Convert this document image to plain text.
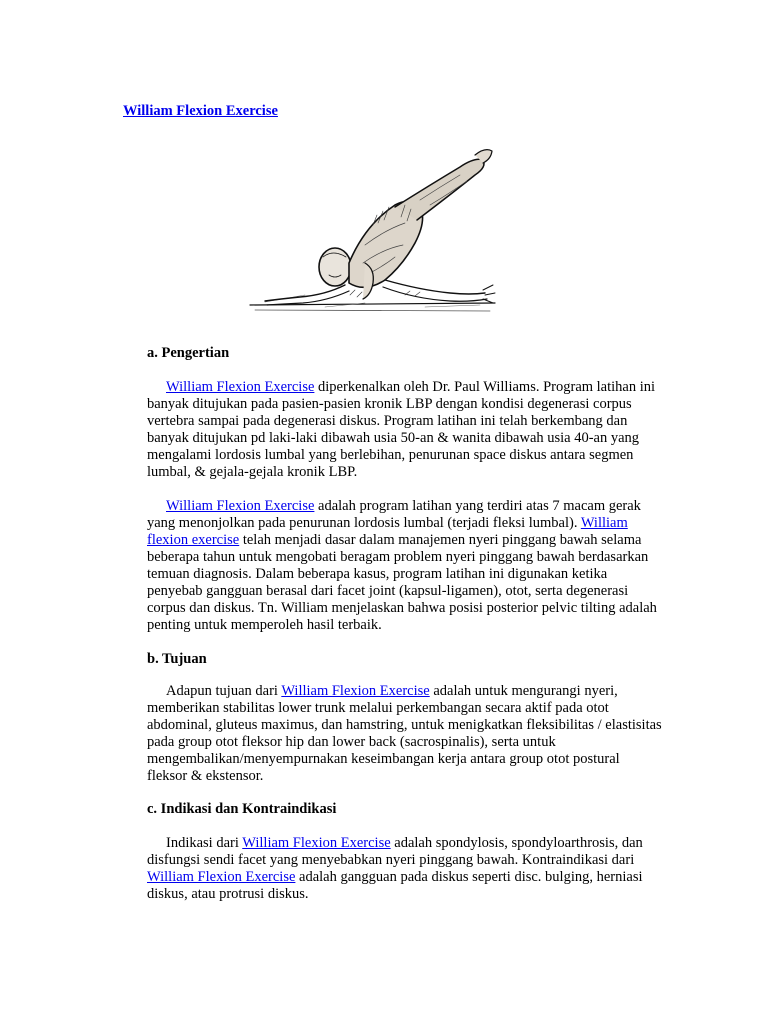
William Flexion Exercise

a. Pengertian

William Flexion Exercise diperkenalkan oleh Dr. Paul Williams. Program latihan ini banyak ditujukan pada pasien-pasien kronik LBP dengan kondisi degenerasi corpus vertebra sampai pada degenerasi diskus. Program latihan ini telah berkembang dan banyak ditujukan pd laki-laki dibawah usia 50-an & wanita dibawah usia 40-an yang mengalami lordosis lumbal yang berlebihan, penurunan space diskus antara segmen lumbal, & gejala-gejala kronik LBP.

William Flexion Exercise adalah program latihan yang terdiri atas 7 macam gerak yang menonjolkan pada penurunan lordosis lumbal (terjadi fleksi lumbal). William flexion exercise telah menjadi dasar dalam manajemen nyeri pinggang bawah selama beberapa tahun untuk mengobati beragam problem nyeri pinggang bawah berdasarkan temuan diagnosis. Dalam beberapa kasus, program latihan ini digunakan ketika penyebab gangguan berasal dari facet joint (kapsul-ligamen), otot, serta degenerasi corpus dan diskus. Tn. William menjelaskan bahwa posisi posterior pelvic tilting adalah penting untuk memperoleh hasil terbaik.

b. Tujuan

Adapun tujuan dari William Flexion Exercise adalah untuk mengurangi nyeri, memberikan stabilitas lower trunk melalui perkembangan secara aktif pada otot abdominal, gluteus maximus, dan hamstring, untuk menigkatkan fleksibilitas / elastisitas pada group otot fleksor hip dan lower back (sacrospinalis), serta untuk mengembalikan/menyempurnakan keseimbangan kerja antara group otot postural fleksor & ekstensor.

c. Indikasi dan Kontraindikasi

Indikasi dari William Flexion Exercise adalah spondylosis, spondyloarthrosis, dan disfungsi sendi facet yang menyebabkan nyeri pinggang bawah. Kontraindikasi dari William Flexion Exercise adalah gangguan pada diskus seperti disc. bulging, herniasi diskus, atau protrusi diskus.
